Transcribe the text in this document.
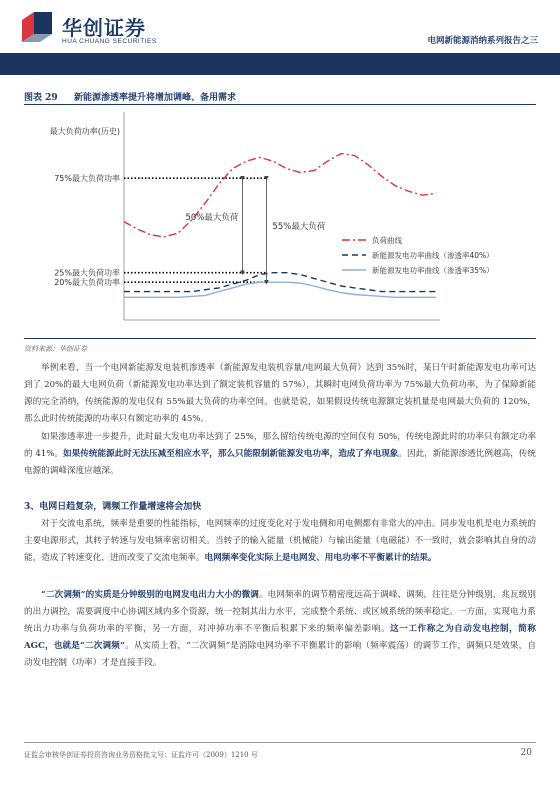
华创证券
HUA CHUANG SECURITIES	电网新能源消纳系列报告之三
图表 29 新能源渗透率提升将增加调峰、备用需求
最大负荷功率(历史)
75%最大负荷功率
25%最大负荷功率
20%最大负荷功率
50%最大负荷
55%最大负荷
负荷曲线
新能源发电功率曲线（渗透率40%）
新能源发电功率曲线（渗透率35%）
资料来源：华创证券

举例来看，当一个电网新能源发电装机渗透率（新能源发电装机容量/电网最大负荷）达到 35%时，某日午时新能源发电功率可达到了 20%的最大电网负荷（新能源发电功率达到了额定装机容量的 57%），其瞬时电网负荷功率为 75%最大负荷功率，为了保障新能源的完全消纳，传统能源的发电仅有 55%最大负荷的功率空间。也就是说，如果假设传统电源额定装机量是电网最大负荷的 120%，那么此时传统能源的功率只有额定功率的 45%。

如果渗透率进一步提升，此时最大发电功率达到了 25%，那么留给传统电源的空间仅有 50%，传统电源此时的功率只有额定功率的 41%。如果传统能源此时无法压减至相应水平，那么只能限制新能源发电功率，造成了弃电现象。因此，新能源渗透比例越高，传统电源的调峰深度应越深。

3、电网日趋复杂，调频工作量增速将会加快

对于交流电系统，频率是重要的性能指标，电网频率的过度变化对于发电侧和用电侧都有非常大的冲击。同步发电机是电力系统的主要电源形式，其转子转速与发电频率密切相关。当转子的输入能量（机械能）与输出能量（电磁能）不一致时，就会影响其自身的动能，造成了转速变化，进而改变了交流电频率。电网频率变化实际上是电网发、用电功率不平衡累计的结果。

“二次调频”的实质是分钟级别的电网发电出力大小的微调。电网频率的调节精密度远高于调峰、调频，往往是分钟级别，兆瓦级别的出力调控，需要调度中心协调区域内多个资源，统一控制其出力水平，完成整个系统、或区域系统的频率稳定。一方面，实现电力系统出力功率与负荷功率的平衡，另一方面，对冲掉功率不平衡后积累下来的频率偏差影响。这一工作称之为自动发电控制，简称 AGC，也就是“二次调频”。从实质上看，“二次调频”是消除电网功率不平衡累计的影响（频率震荡）的调节工作，调频只是效果，自动发电控制（功率）才是直接手段。

证监会审核华创证券投资咨询业务资格批文号：证监许可（2009）1210 号	20
